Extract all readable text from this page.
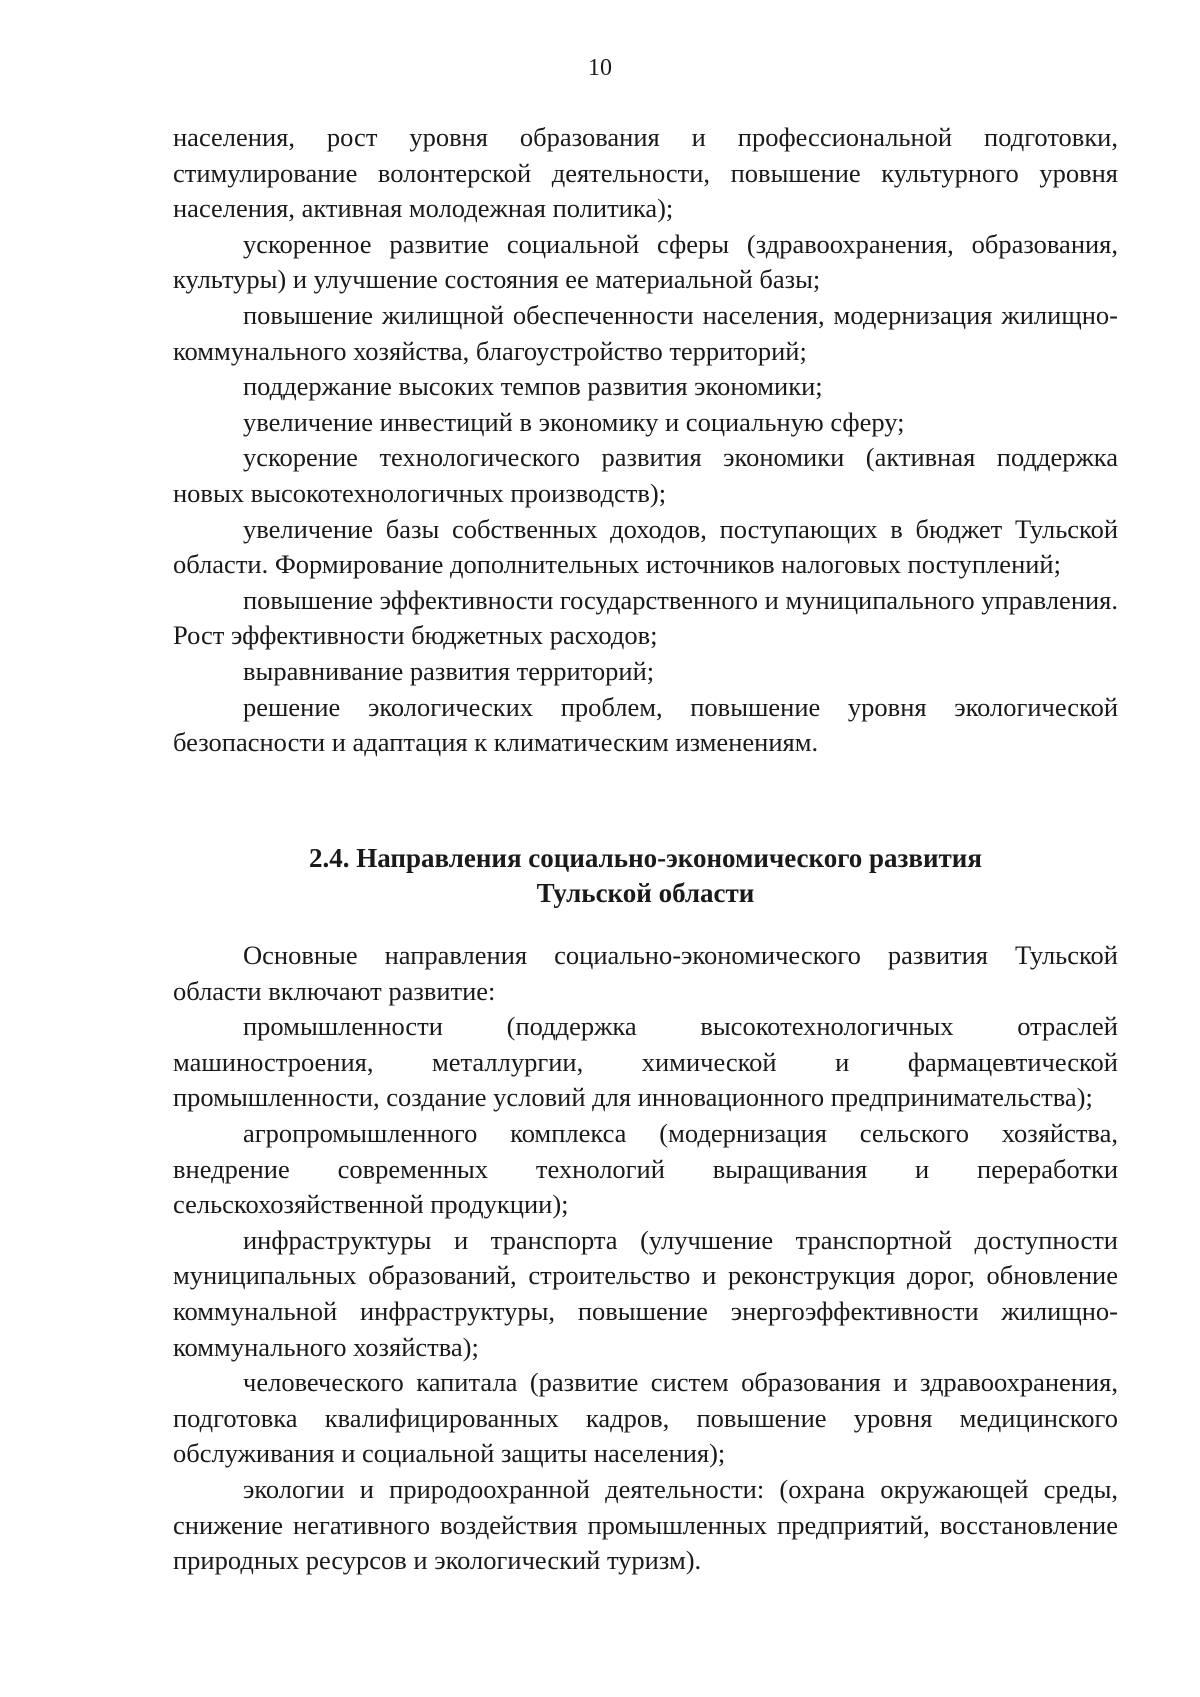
10

населения, рост уровня образования и профессиональной подготовки, стимулирование волонтерской деятельности, повышение культурного уровня населения, активная молодежная политика);

ускоренное развитие социальной сферы (здравоохранения, образования, культуры) и улучшение состояния ее материальной базы;

повышение жилищной обеспеченности населения, модернизация жилищно-коммунального хозяйства, благоустройство территорий;

поддержание высоких темпов развития экономики;

увеличение инвестиций в экономику и социальную сферу;

ускорение технологического развития экономики (активная поддержка новых высокотехнологичных производств);

увеличение базы собственных доходов, поступающих в бюджет Тульской области. Формирование дополнительных источников налоговых поступлений;

повышение эффективности государственного и муниципального управления. Рост эффективности бюджетных расходов;

выравнивание развития территорий;

решение экологических проблем, повышение уровня экологической безопасности и адаптация к климатическим изменениям.

2.4. Направления социально-экономического развития
Тульской области

Основные направления социально-экономического развития Тульской области включают развитие:

промышленности (поддержка высокотехнологичных отраслей машиностроения, металлургии, химической и фармацевтической промышленности, создание условий для инновационного предпринимательства);

агропромышленного комплекса (модернизация сельского хозяйства, внедрение современных технологий выращивания и переработки сельскохозяйственной продукции);

инфраструктуры и транспорта (улучшение транспортной доступности муниципальных образований, строительство и реконструкция дорог, обновление коммунальной инфраструктуры, повышение энергоэффективности жилищно-коммунального хозяйства);

человеческого капитала (развитие систем образования и здравоохранения, подготовка квалифицированных кадров, повышение уровня медицинского обслуживания и социальной защиты населения);

экологии и природоохранной деятельности: (охрана окружающей среды, снижение негативного воздействия промышленных предприятий, восстановление природных ресурсов и экологический туризм).
